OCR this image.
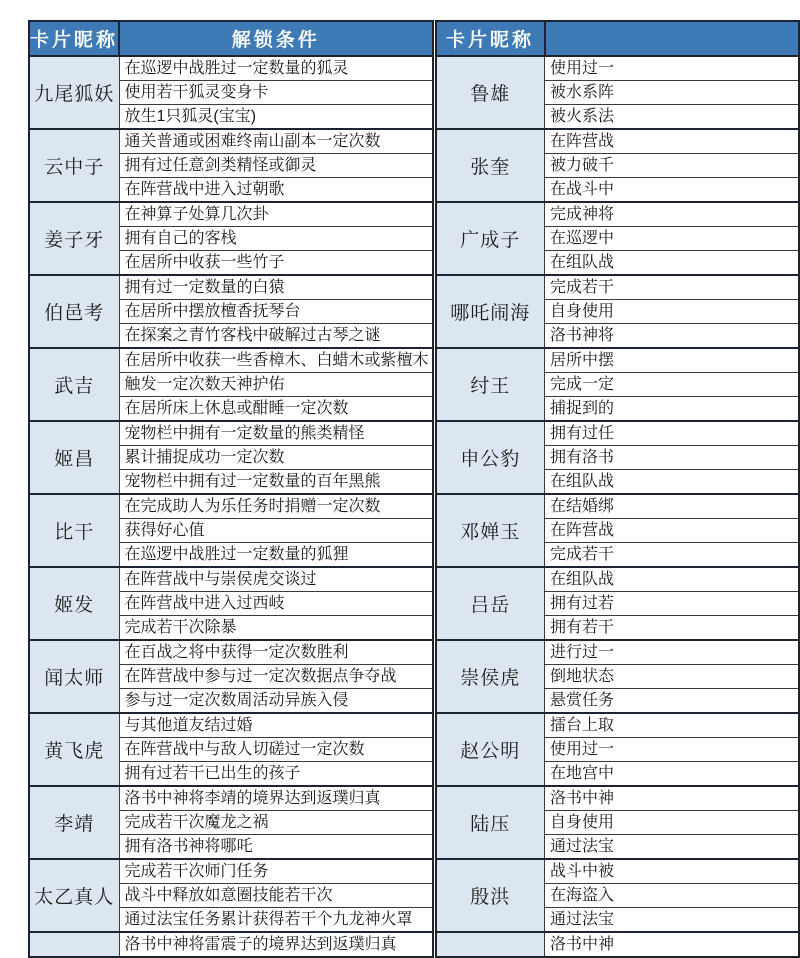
卡片昵称	解锁条件
九尾狐妖	在巡逻中战胜过一定数量的狐灵
	使用若干狐灵变身卡
	放生1只狐灵(宝宝)
云中子	通关普通或困难终南山副本一定次数
	拥有过任意剑类精怪或御灵
	在阵营战中进入过朝歌
姜子牙	在神算子处算几次卦
	拥有自己的客栈
	在居所中收获一些竹子
伯邑考	拥有过一定数量的白猿
	在居所中摆放檀香抚琴台
	在探案之青竹客栈中破解过古琴之谜
武吉	在居所中收获一些香樟木、白蜡木或紫檀木
	触发一定次数天神护佑
	在居所床上休息或酣睡一定次数
姬昌	宠物栏中拥有一定数量的熊类精怪
	累计捕捉成功一定次数
	宠物栏中拥有过一定数量的百年黑熊
比干	在完成助人为乐任务时捐赠一定次数
	获得好心值
	在巡逻中战胜过一定数量的狐狸
姬发	在阵营战中与崇侯虎交谈过
	在阵营战中进入过西岐
	完成若干次除暴
闻太师	在百战之将中获得一定次数胜利
	在阵营战中参与过一定次数据点争夺战
	参与过一定次数周活动异族入侵
黄飞虎	与其他道友结过婚
	在阵营战中与敌人切磋过一定次数
	拥有过若干已出生的孩子
李靖	洛书中神将李靖的境界达到返璞归真
	完成若干次魔龙之祸
	拥有洛书神将哪吒
太乙真人	完成若干次师门任务
	战斗中释放如意圈技能若干次
	通过法宝任务累计获得若干个九龙神火罩
	洛书中神将雷震子的境界达到返璞归真
卡片昵称	
鲁雄	使用过一
	被水系阵
	被火系法
张奎	在阵营战
	被力破千
	在战斗中
广成子	完成神将
	在巡逻中
	在组队战
哪吒闹海	完成若干
	自身使用
	洛书神将
纣王	居所中摆
	完成一定
	捕捉到的
申公豹	拥有过任
	拥有洛书
	在组队战
邓婵玉	在结婚绑
	在阵营战
	完成若干
吕岳	在组队战
	拥有过若
	拥有若干
崇侯虎	进行过一
	倒地状态
	悬赏任务
赵公明	擂台上取
	使用过一
	在地宫中
陆压	洛书中神
	自身使用
	通过法宝
殷洪	战斗中被
	在海盗入
	通过法宝
	洛书中神
